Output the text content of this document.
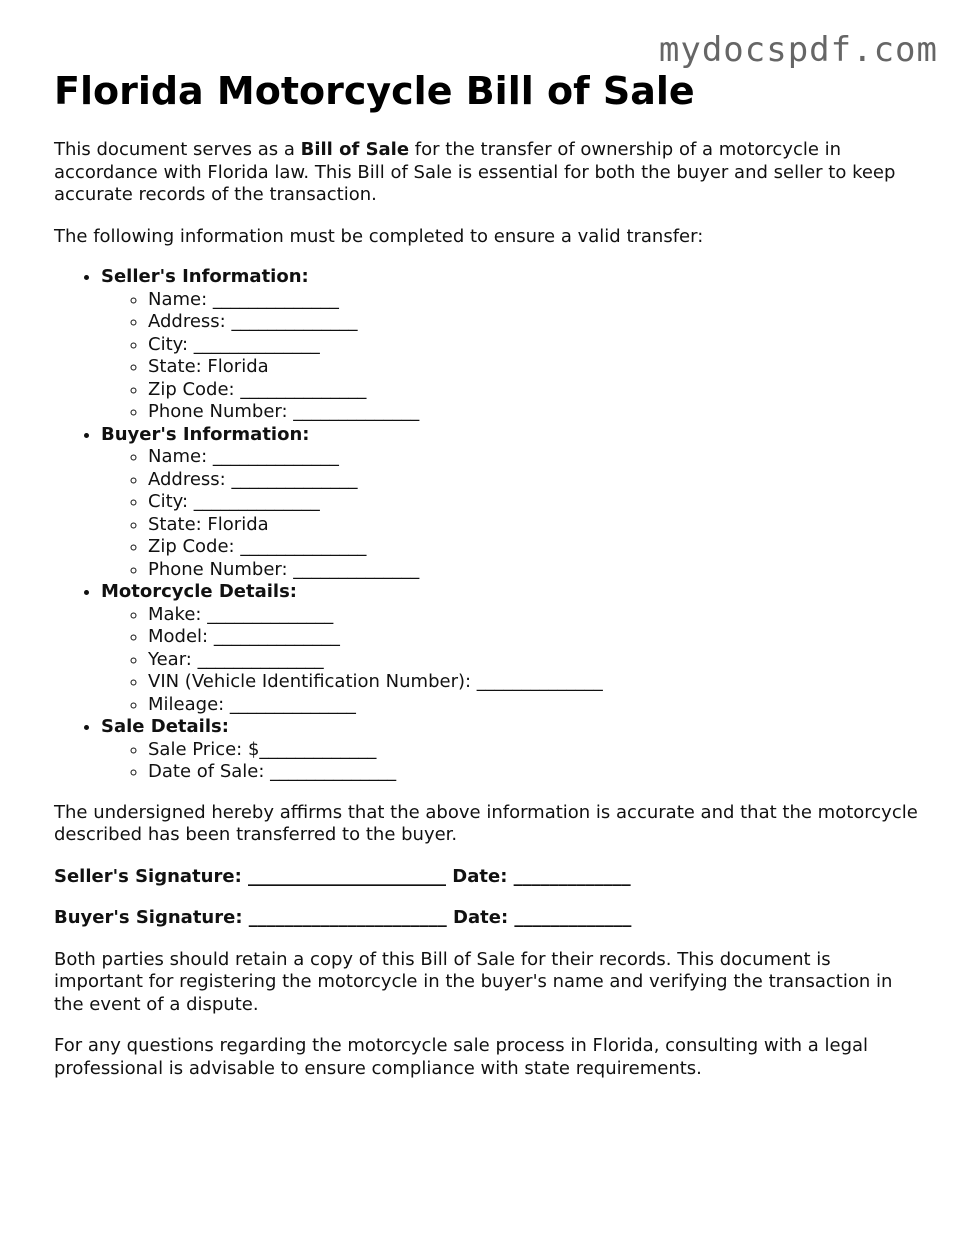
mydocspdf.com
Florida Motorcycle Bill of Sale

This document serves as a Bill of Sale for the transfer of ownership of a motorcycle in accordance with Florida law. This Bill of Sale is essential for both the buyer and seller to keep accurate records of the transaction.

The following information must be completed to ensure a valid transfer:

• Seller's Information:
◦ Name: ______________
◦ Address: ______________
◦ City: ______________
◦ State: Florida
◦ Zip Code: ______________
◦ Phone Number: ______________
• Buyer's Information:
◦ Name: ______________
◦ Address: ______________
◦ City: ______________
◦ State: Florida
◦ Zip Code: ______________
◦ Phone Number: ______________
• Motorcycle Details:
◦ Make: ______________
◦ Model: ______________
◦ Year: ______________
◦ VIN (Vehicle Identification Number): ______________
◦ Mileage: ______________
• Sale Details:
◦ Sale Price: $_____________
◦ Date of Sale: ______________

The undersigned hereby affirms that the above information is accurate and that the motorcycle described has been transferred to the buyer.

Seller's Signature: ______________________ Date: _____________

Buyer's Signature: ______________________ Date: _____________

Both parties should retain a copy of this Bill of Sale for their records. This document is important for registering the motorcycle in the buyer's name and verifying the transaction in the event of a dispute.

For any questions regarding the motorcycle sale process in Florida, consulting with a legal professional is advisable to ensure compliance with state requirements.
